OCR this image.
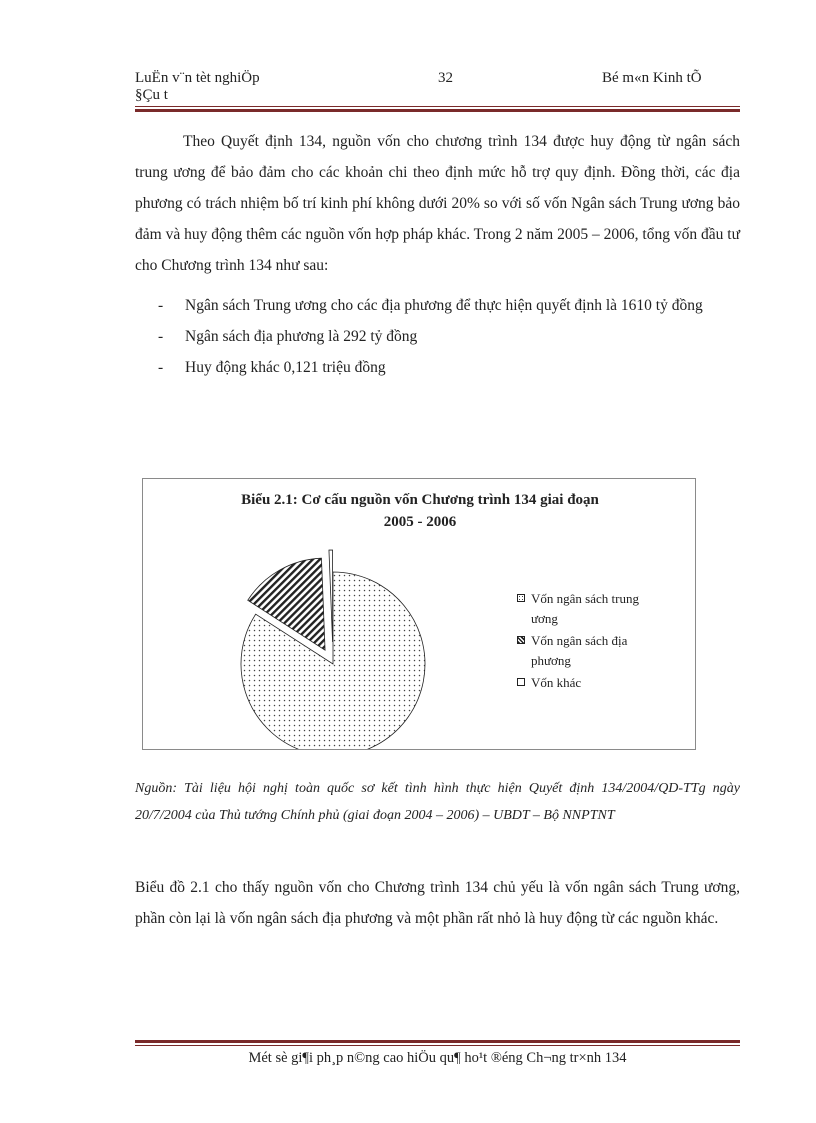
LuËn v¨n tèt nghiÖp
§Çu t
32	Bé m«n Kinh tÕ

Theo Quyết định 134, nguồn vốn cho chương trình 134 được huy động từ ngân sách trung ương để bảo đảm cho các khoản chi theo định mức hỗ trợ quy định. Đồng thời, các địa phương có trách nhiệm bố trí kinh phí không dưới 20% so với số vốn Ngân sách Trung ương bảo đảm và huy động thêm các nguồn vốn hợp pháp khác. Trong 2 năm 2005 – 2006, tổng vốn đầu tư cho Chương trình 134 như sau:

- Ngân sách Trung ương cho các địa phương để thực hiện quyết định là 1610 tỷ đồng
- Ngân sách địa phương là 292 tỷ đồng
- Huy động khác 0,121 triệu đồng
Biểu 2.1: Cơ cấu nguồn vốn Chương trình 134 giai đoạn
2005 - 2006
Vốn ngân sách trung
ương
Vốn ngân sách địa
phương
Vốn khác

Nguồn: Tài liệu hội nghị toàn quốc sơ kết tình hình thực hiện Quyết định 134/2004/QD-TTg ngày 20/7/2004 của Thủ tướng Chính phủ (giai đoạn 2004 – 2006) – UBDT – Bộ NNPTNT

Biểu đồ 2.1 cho thấy nguồn vốn cho Chương trình 134 chủ yếu là vốn ngân sách Trung ương, phần còn lại là vốn ngân sách địa phương và một phần rất nhỏ là huy động từ các nguồn khác.

Mét sè gi¶i ph¸p n©ng cao hiÖu qu¶ ho¹t ®éng Ch¬ng tr×nh 134
